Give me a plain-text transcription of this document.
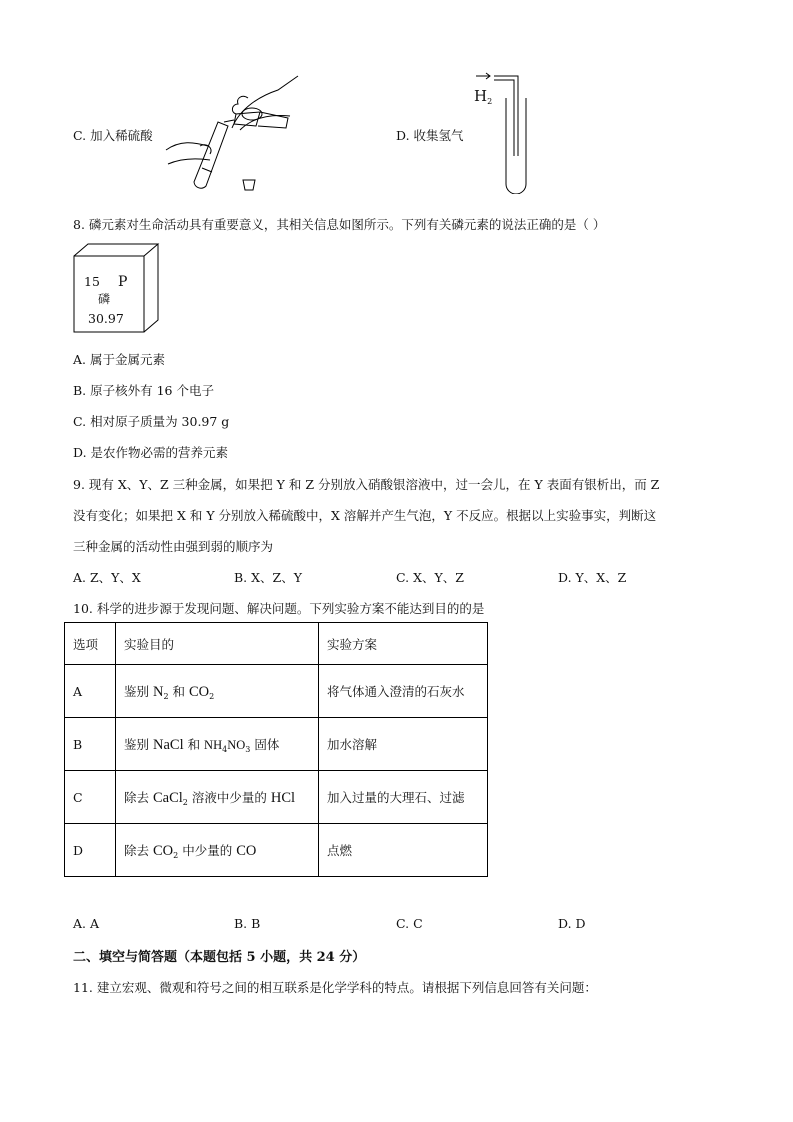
C. 加入稀硫酸	D. 收集氢气
$H_2$
8. 磷元素对生命活动具有重要意义，其相关信息如图所示。下列有关磷元素的说法正确的是（ ）
15 P
磷
30.97
A. 属于金属元素
B. 原子核外有 16 个电子
C. 相对原子质量为 30.97 g
D. 是农作物必需的营养元素
9. 现有 X、Y、Z 三种金属，如果把 Y 和 Z 分别放入硝酸银溶液中，过一会儿，在 Y 表面有银析出，而 Z
没有变化；如果把 X 和 Y 分别放入稀硫酸中，X 溶解并产生气泡，Y 不反应。根据以上实验事实，判断这
三种金属的活动性由强到弱的顺序为
A. Z、Y、X	B. X、Z、Y	C. X、Y、Z	D. Y、X、Z
10. 科学的进步源于发现问题、解决问题。下列实验方案不能达到目的的是
选项	实验目的	实验方案
A	鉴别 $N_2$ 和 $CO_2$	将气体通入澄清的石灰水
B	鉴别 NaCl 和 $NH_4NO_3$ 固体	加水溶解
C	除去 CaCl$_2$ 溶液中少量的 HCl	加入过量的大理石、过滤
D	除去 $CO_2$ 中少量的 CO	点燃
A. A	B. B	C. C	D. D
二、填空与简答题（本题包括 5 小题，共 24 分）
11. 建立宏观、微观和符号之间的相互联系是化学学科的特点。请根据下列信息回答有关问题：
